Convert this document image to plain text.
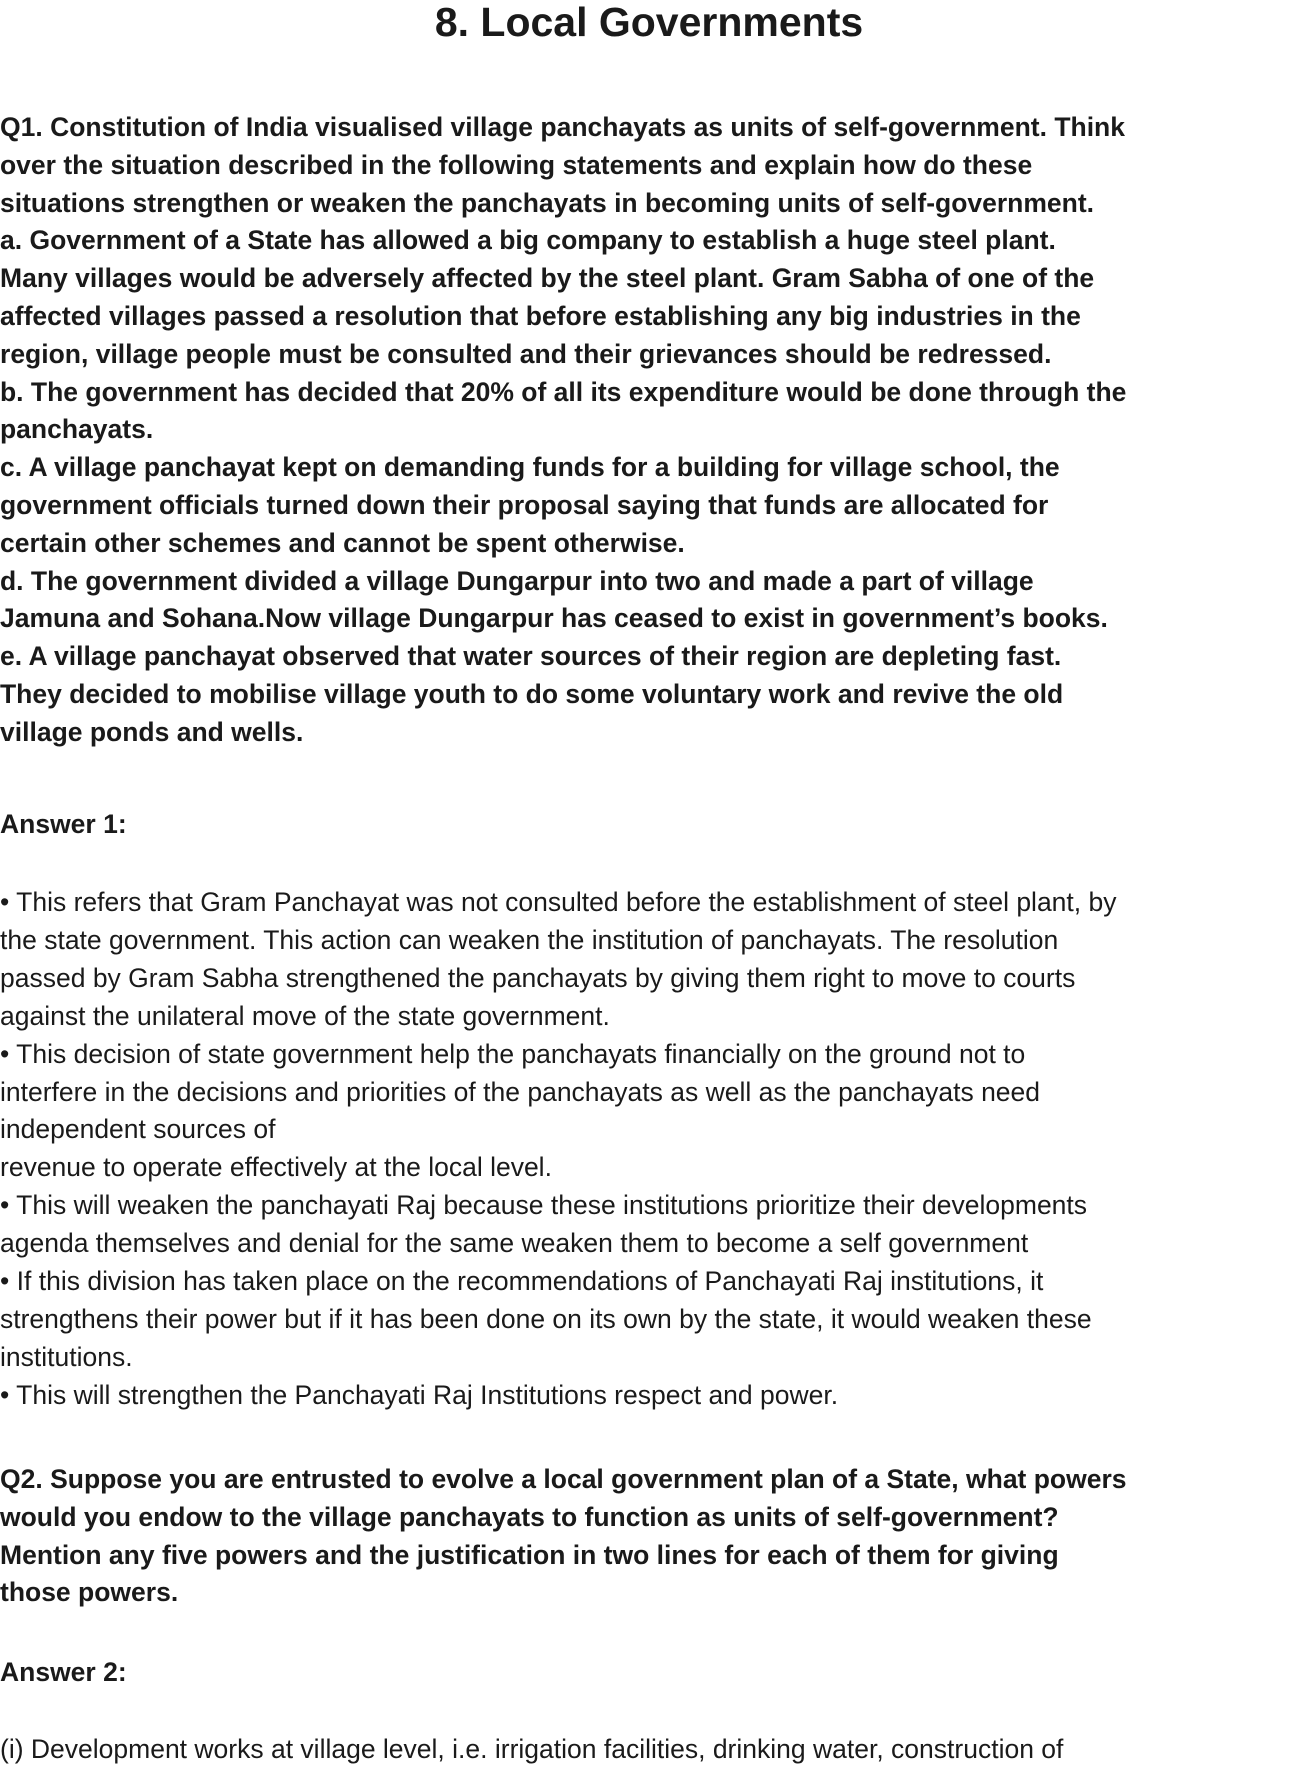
8. Local Governments
Q1. Constitution of India visualised village panchayats as units of self-government. Think
over the situation described in the following statements and explain how do these
situations strengthen or weaken the panchayats in becoming units of self-government.
a. Government of a State has allowed a big company to establish a huge steel plant.
Many villages would be adversely affected by the steel plant. Gram Sabha of one of the
affected villages passed a resolution that before establishing any big industries in the
region, village people must be consulted and their grievances should be redressed.
b. The government has decided that 20% of all its expenditure would be done through the
panchayats.
c. A village panchayat kept on demanding funds for a building for village school, the
government officials turned down their proposal saying that funds are allocated for
certain other schemes and cannot be spent otherwise.
d. The government divided a village Dungarpur into two and made a part of village
Jamuna and Sohana.Now village Dungarpur has ceased to exist in government’s books.
e. A village panchayat observed that water sources of their region are depleting fast.
They decided to mobilise village youth to do some voluntary work and revive the old
village ponds and wells.
Answer 1:
• This refers that Gram Panchayat was not consulted before the establishment of steel plant, by
the state government. This action can weaken the institution of panchayats. The resolution
passed by Gram Sabha strengthened the panchayats by giving them right to move to courts
against the unilateral move of the state government.
• This decision of state government help the panchayats financially on the ground not to
interfere in the decisions and priorities of the panchayats as well as the panchayats need
independent sources of
revenue to operate effectively at the local level.
• This will weaken the panchayati Raj because these institutions prioritize their developments
agenda themselves and denial for the same weaken them to become a self government
• If this division has taken place on the recommendations of Panchayati Raj institutions, it
strengthens their power but if it has been done on its own by the state, it would weaken these
institutions.
• This will strengthen the Panchayati Raj Institutions respect and power.
Q2. Suppose you are entrusted to evolve a local government plan of a State, what powers
would you endow to the village panchayats to function as units of self-government?
Mention any five powers and the justification in two lines for each of them for giving
those powers.
Answer 2:
(i) Development works at village level, i.e. irrigation facilities, drinking water, construction of
